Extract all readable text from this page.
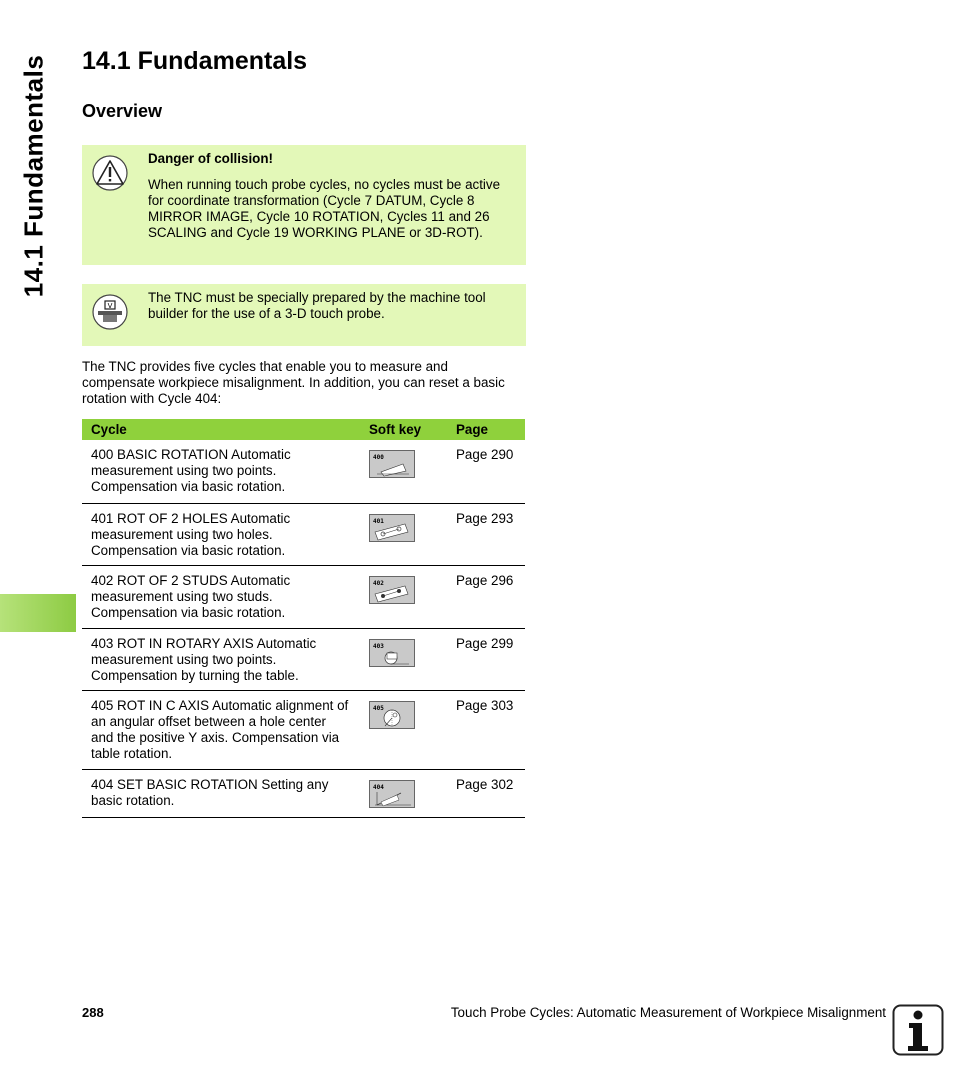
14.1 Fundamentals 14.1 Fundamentals
Overview

Danger of collision!

When running touch probe cycles, no cycles must be active for coordinate transformation (Cycle 7 DATUM, Cycle 8 MIRROR IMAGE, Cycle 10 ROTATION, Cycles 11 and 26 SCALING and Cycle 19 WORKING PLANE or 3D-ROT).

V

The TNC must be specially prepared by the machine tool builder for the use of a 3-D touch probe.

The TNC provides five cycles that enable you to measure and compensate workpiece misalignment. In addition, you can reset a basic rotation with Cycle 404:

Cycle	Soft key	Page
400 BASIC ROTATION Automatic measurement using two points. Compensation via basic rotation.	400	Page 290
401 ROT OF 2 HOLES Automatic measurement using two holes. Compensation via basic rotation.	401	Page 293
402 ROT OF 2 STUDS Automatic measurement using two studs. Compensation via basic rotation.	402	Page 296
403 ROT IN ROTARY AXIS Automatic measurement using two points. Compensation by turning the table.	403	Page 299
405 ROT IN C AXIS Automatic alignment of an angular offset between a hole center and the positive Y axis. Compensation via table rotation.	405	Page 303
404 SET BASIC ROTATION Setting any basic rotation.	404	Page 302
288	Touch Probe Cycles: Automatic Measurement of Workpiece Misalignment
